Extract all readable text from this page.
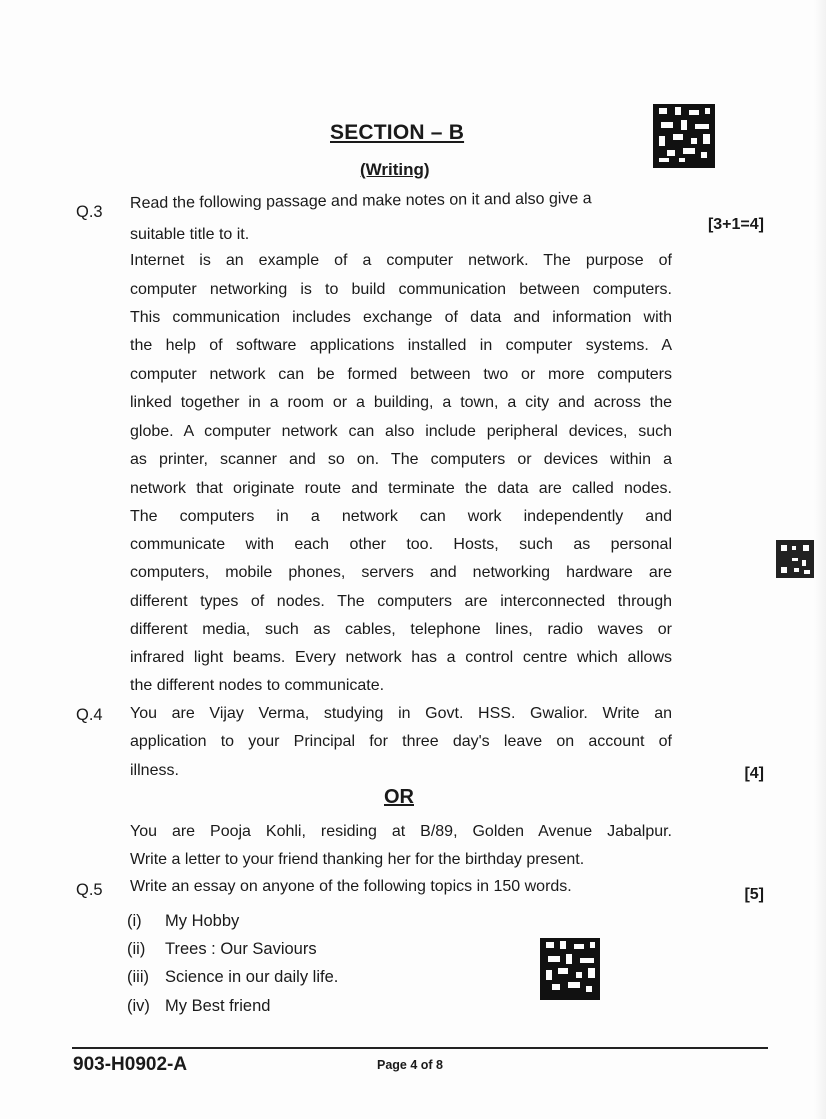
SECTION – B
(Writing)
Q.3
Read the following passage and make notes on it and also give a
suitable title to it.
[3+1=4]
Internet is an example of a computer network. The purpose of
computer networking is to build communication between computers.
This communication includes exchange of data and information with
the help of software applications installed in computer systems. A
computer network can be formed between two or more computers
linked together in a room or a building, a town, a city and across the
globe. A computer network can also include peripheral devices, such
as printer, scanner and so on. The computers or devices within a
network that originate route and terminate the data are called nodes.
The computers in a network can work independently and
communicate with each other too. Hosts, such as personal
computers, mobile phones, servers and networking hardware are
different types of nodes. The computers are interconnected through
different media, such as cables, telephone lines, radio waves or
infrared light beams. Every network has a control centre which allows
the different nodes to communicate.
Q.4 You are Vijay Verma, studying in Govt. HSS. Gwalior. Write an
application to your Principal for three day's leave on account of
illness.	[4]
OR
You are Pooja Kohli, residing at B/89, Golden Avenue Jabalpur.
Write a letter to your friend thanking her for the birthday present.
Q.5 Write an essay on anyone of the following topics in 150 words.	[5]
(i) My Hobby
(ii) Trees : Our Saviours
(iii) Science in our daily life.
(iv) My Best friend
903-H0902-A	Page 4 of 8
